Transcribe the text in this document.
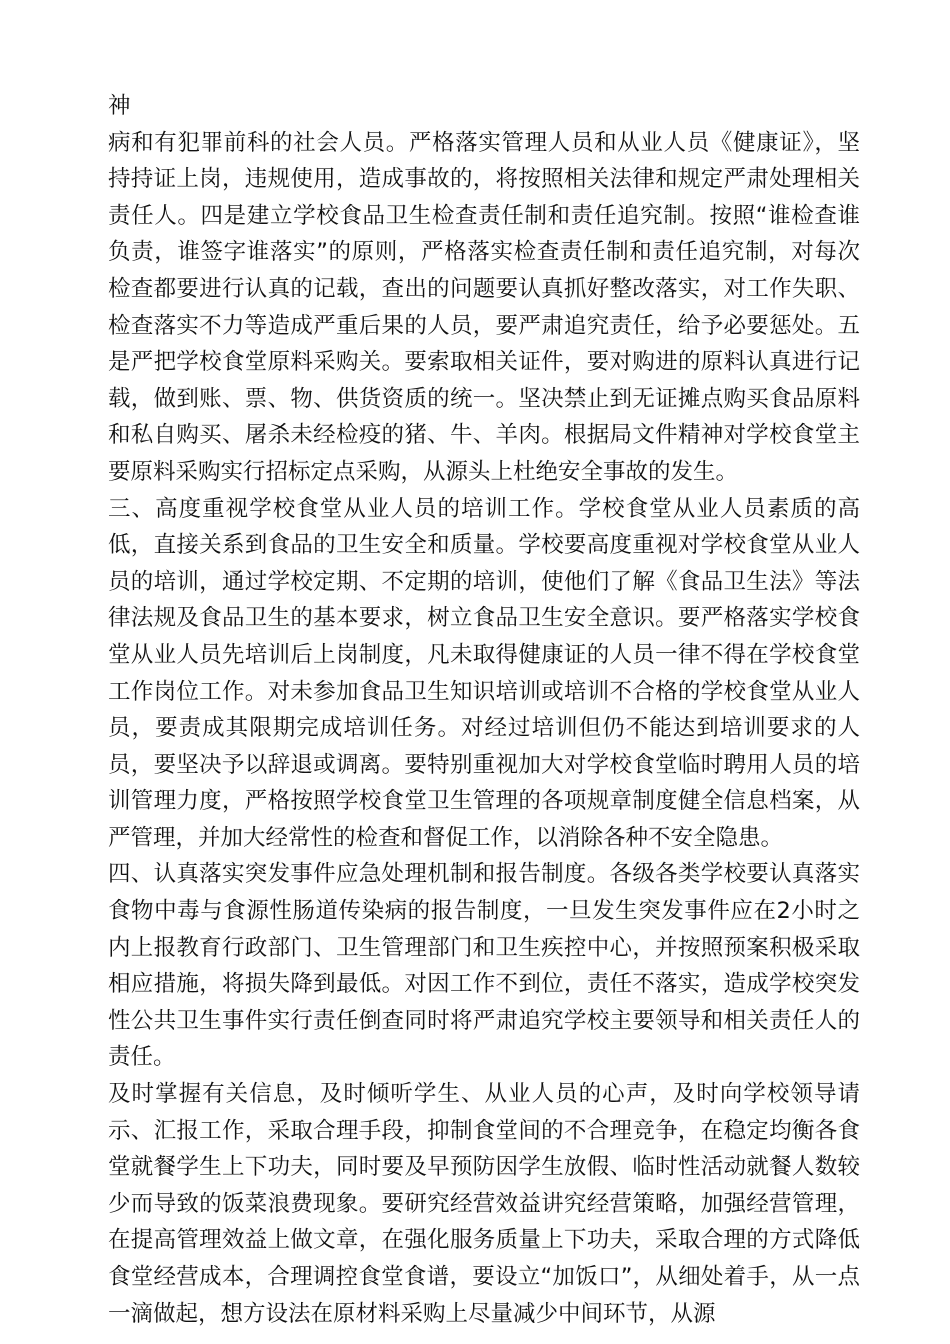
神

病和有犯罪前科的社会人员。严格落实管理人员和从业人员《健康证》，坚持持证上岗，违规使用，造成事故的，将按照相关法律和规定严肃处理相关责任人。四是建立学校食品卫生检查责任制和责任追究制。按照“谁检查谁负责，谁签字谁落实”的原则，严格落实检查责任制和责任追究制，对每次检查都要进行认真的记载，查出的问题要认真抓好整改落实，对工作失职、检查落实不力等造成严重后果的人员，要严肃追究责任，给予必要惩处。五是严把学校食堂原料采购关。要索取相关证件，要对购进的原料认真进行记载，做到账、票、物、供货资质的统一。坚决禁止到无证摊点购买食品原料和私自购买、屠杀未经检疫的猪、牛、羊肉。根据局文件精神对学校食堂主要原料采购实行招标定点采购，从源头上杜绝安全事故的发生。

三、高度重视学校食堂从业人员的培训工作。学校食堂从业人员素质的高低，直接关系到食品的卫生安全和质量。学校要高度重视对学校食堂从业人员的培训，通过学校定期、不定期的培训，使他们了解《食品卫生法》等法律法规及食品卫生的基本要求，树立食品卫生安全意识。要严格落实学校食堂从业人员先培训后上岗制度，凡未取得健康证的人员一律不得在学校食堂工作岗位工作。对未参加食品卫生知识培训或培训不合格的学校食堂从业人员，要责成其限期完成培训任务。对经过培训但仍不能达到培训要求的人员，要坚决予以辞退或调离。要特别重视加大对学校食堂临时聘用人员的培训管理力度，严格按照学校食堂卫生管理的各项规章制度健全信息档案，从严管理，并加大经常性的检查和督促工作，以消除各种不安全隐患。

四、认真落实突发事件应急处理机制和报告制度。各级各类学校要认真落实食物中毒与食源性肠道传染病的报告制度，一旦发生突发事件应在2小时之内上报教育行政部门、卫生管理部门和卫生疾控中心，并按照预案积极采取相应措施，将损失降到最低。对因工作不到位，责任不落实，造成学校突发性公共卫生事件实行责任倒查同时将严肃追究学校主要领导和相关责任人的责任。

及时掌握有关信息，及时倾听学生、从业人员的心声，及时向学校领导请示、汇报工作，采取合理手段，抑制食堂间的不合理竞争，在稳定均衡各食堂就餐学生上下功夫，同时要及早预防因学生放假、临时性活动就餐人数较少而导致的饭菜浪费现象。要研究经营效益讲究经营策略，加强经营管理，在提高管理效益上做文章，在强化服务质量上下功夫，采取合理的方式降低食堂经营成本，合理调控食堂食谱，要设立“加饭口”，从细处着手，从一点一滴做起，想方设法在原材料采购上尽量减少中间环节，从源
